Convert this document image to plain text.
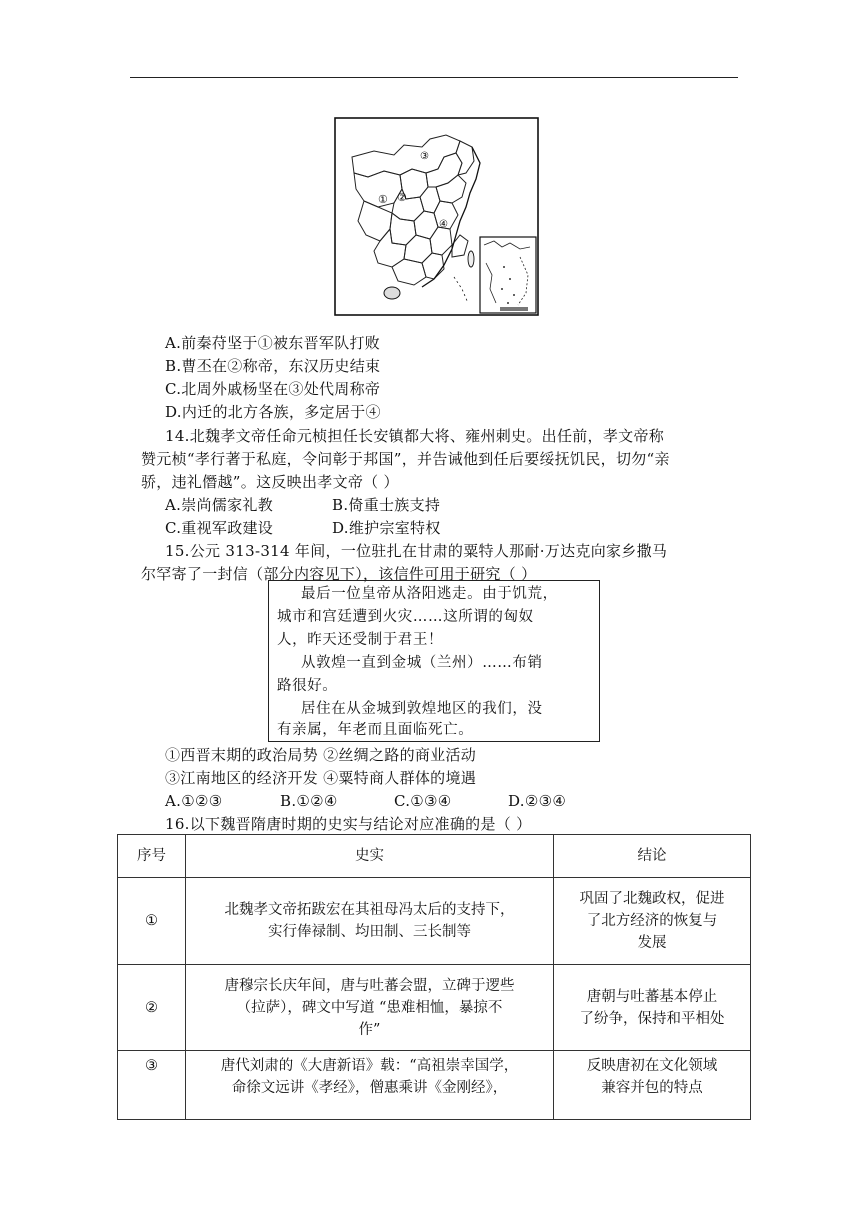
① ②
③
④
A.前秦苻坚于①被东晋军队打败
B.曹丕在②称帝，东汉历史结束
C.北周外戚杨坚在③处代周称帝
D.内迁的北方各族，多定居于④
14.北魏孝文帝任命元桢担任长安镇都大将、雍州刺史。出任前，孝文帝称
赞元桢“孝行著于私庭，令问彰于邦国”，并告诫他到任后要绥抚饥民，切勿“亲
骄，违礼僭越”。这反映出孝文帝（ ）
A.崇尚儒家礼教	B.倚重士族支持
C.重视军政建设	D.维护宗室特权
15.公元 313-314 年间，一位驻扎在甘肃的粟特人那耐·万达克向家乡撒马
尔罕寄了一封信（部分内容见下），该信件可用于研究（ ）
最后一位皇帝从洛阳逃走。由于饥荒，
城市和宫廷遭到火灾……这所谓的匈奴
人，昨天还受制于君王！
从敦煌一直到金城（兰州）……布销
路很好。
居住在从金城到敦煌地区的我们，没
有亲属，年老而且面临死亡。
①西晋末期的政治局势 ②丝绸之路的商业活动
③江南地区的经济开发 ④粟特商人群体的境遇
A.①②③	B.①②④	C.①③④	D.②③④
16.以下魏晋隋唐时期的史实与结论对应准确的是（ ）
序号	史实	结论
①	北魏孝文帝拓跋宏在其祖母冯太后的支持下，
实行俸禄制、均田制、三长制等	巩固了北魏政权，促进
了北方经济的恢复与
发展

②	唐穆宗长庆年间，唐与吐蕃会盟，立碑于逻些
（拉萨），碑文中写道 “患难相恤，暴掠不
作”	唐朝与吐蕃基本停止
了纷争，保持和平相处

③	唐代刘肃的《大唐新语》载：“高祖崇幸国学，
命徐文远讲《孝经》，僧惠乘讲《金刚经》，	反映唐初在文化领域
兼容并包的特点
